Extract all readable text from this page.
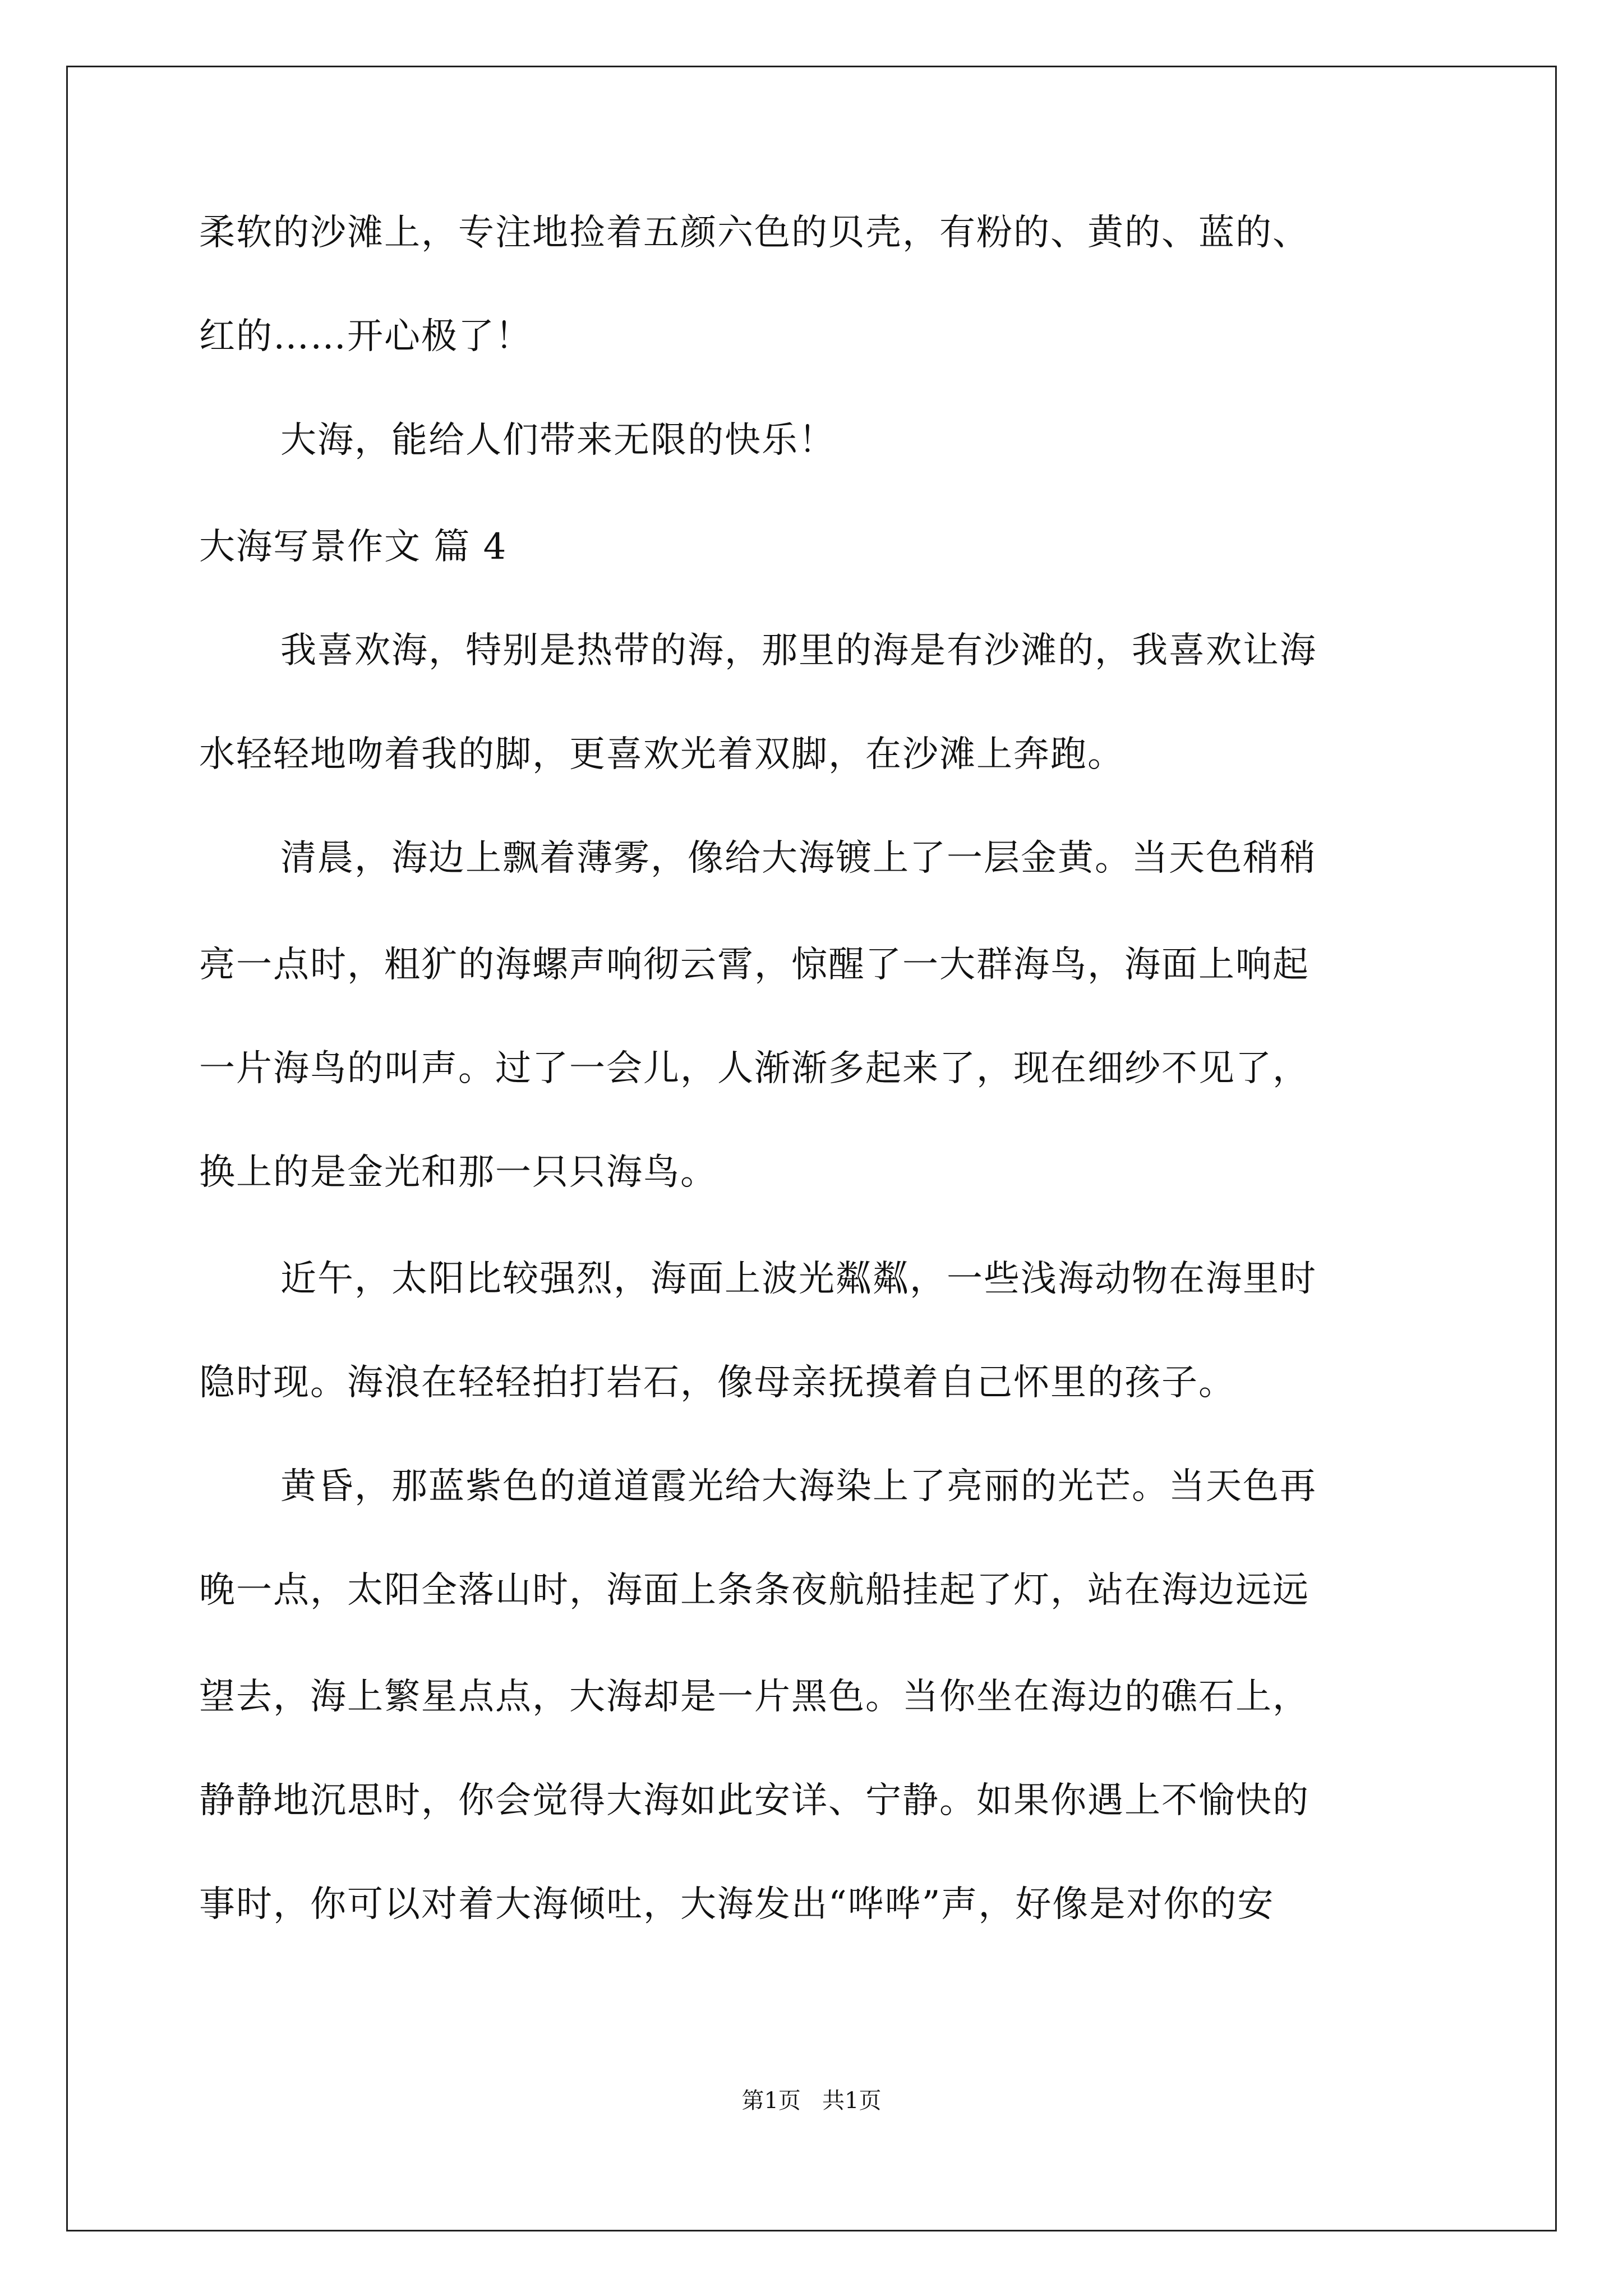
柔软的沙滩上，专注地捡着五颜六色的贝壳，有粉的、黄的、蓝的、
红的……开心极了！
大海，能给人们带来无限的快乐！
大海写景作文 篇 4
我喜欢海，特别是热带的海，那里的海是有沙滩的，我喜欢让海
水轻轻地吻着我的脚，更喜欢光着双脚，在沙滩上奔跑。
清晨，海边上飘着薄雾，像给大海镀上了一层金黄。当天色稍稍
亮一点时，粗犷的海螺声响彻云霄，惊醒了一大群海鸟，海面上响起
一片海鸟的叫声。过了一会儿，人渐渐多起来了，现在细纱不见了，
换上的是金光和那一只只海鸟。
近午，太阳比较强烈，海面上波光粼粼，一些浅海动物在海里时
隐时现。海浪在轻轻拍打岩石，像母亲抚摸着自己怀里的孩子。
黄昏，那蓝紫色的道道霞光给大海染上了亮丽的光芒。当天色再
晚一点，太阳全落山时，海面上条条夜航船挂起了灯，站在海边远远
望去，海上繁星点点，大海却是一片黑色。当你坐在海边的礁石上，
静静地沉思时，你会觉得大海如此安详、宁静。如果你遇上不愉快的
事时，你可以对着大海倾吐，大海发出“哗哗”声，好像是对你的安
第1页   共1页
